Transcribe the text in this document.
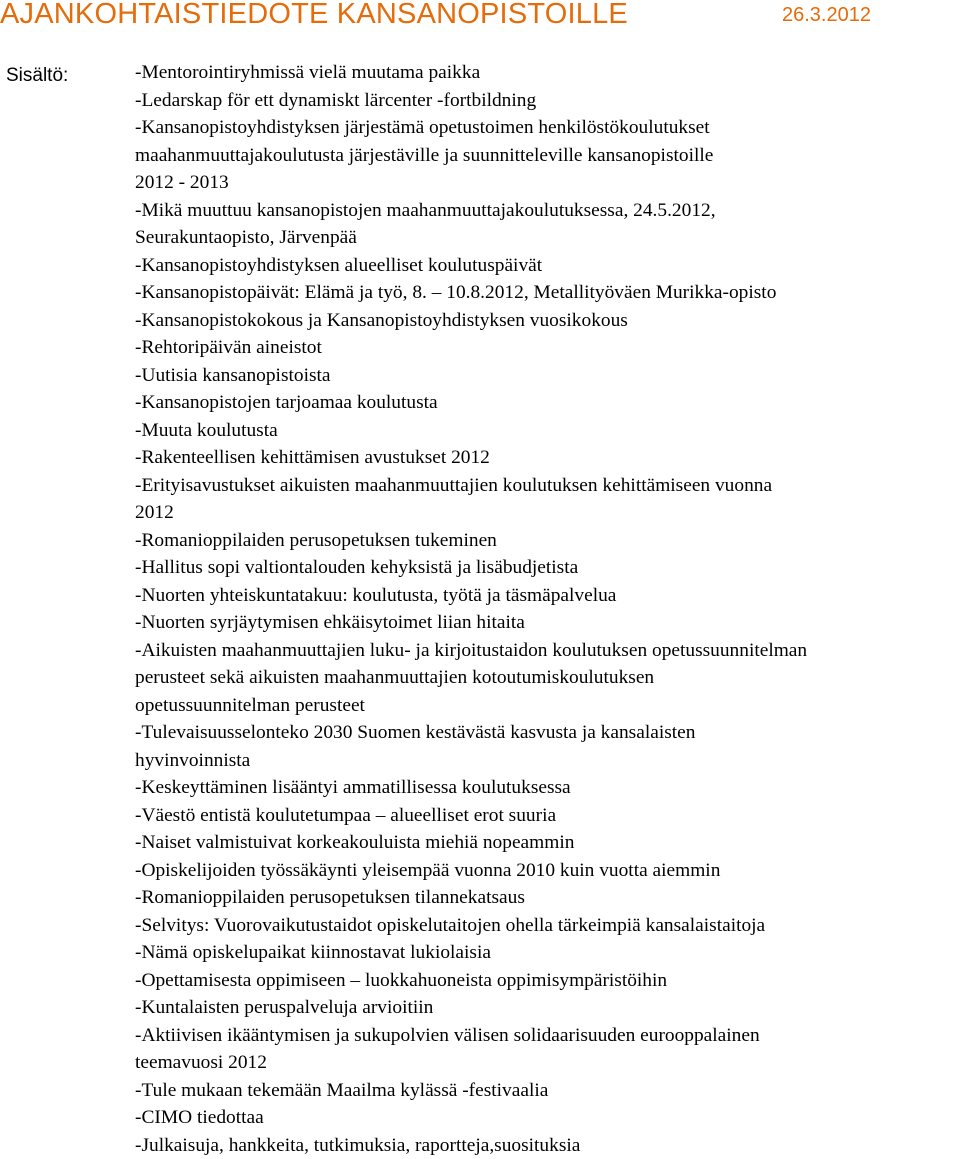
AJANKOHTAISTIEDOTE KANSANOPISTOILLE	26.3.2012
Sisältö:	-Mentorointiryhmissä vielä muutama paikka
-Ledarskap för ett dynamiskt lärcenter -fortbildning
-Kansanopistoyhdistyksen järjestämä opetustoimen henkilöstökoulutukset
maahanmuuttajakoulutusta järjestäville ja suunnitteleville kansanopistoille
2012 - 2013
-Mikä muuttuu kansanopistojen maahanmuuttajakoulutuksessa, 24.5.2012,
Seurakuntaopisto, Järvenpää
-Kansanopistoyhdistyksen alueelliset koulutuspäivät
-Kansanopistopäivät: Elämä ja työ, 8. – 10.8.2012, Metallityöväen Murikka-opisto
-Kansanopistokokous ja Kansanopistoyhdistyksen vuosikokous
-Rehtoripäivän aineistot
-Uutisia kansanopistoista
-Kansanopistojen tarjoamaa koulutusta
-Muuta koulutusta
-Rakenteellisen kehittämisen avustukset 2012
-Erityisavustukset aikuisten maahanmuuttajien koulutuksen kehittämiseen vuonna
2012
-Romanioppilaiden perusopetuksen tukeminen
-Hallitus sopi valtiontalouden kehyksistä ja lisäbudjetista
-Nuorten yhteiskuntatakuu: koulutusta, työtä ja täsmäpalvelua
-Nuorten syrjäytymisen ehkäisytoimet liian hitaita
-Aikuisten maahanmuuttajien luku- ja kirjoitustaidon koulutuksen opetussuunnitelman
perusteet sekä aikuisten maahanmuuttajien kotoutumiskoulutuksen
opetussuunnitelman perusteet
-Tulevaisuusselonteko 2030 Suomen kestävästä kasvusta ja kansalaisten
hyvinvoinnista
-Keskeyttäminen lisääntyi ammatillisessa koulutuksessa
-Väestö entistä koulutetumpaa – alueelliset erot suuria
-Naiset valmistuivat korkeakouluista miehiä nopeammin
-Opiskelijoiden työssäkäynti yleisempää vuonna 2010 kuin vuotta aiemmin
-Romanioppilaiden perusopetuksen tilannekatsaus
-Selvitys: Vuorovaikutustaidot opiskelutaitojen ohella tärkeimpiä kansalaistaitoja
-Nämä opiskelupaikat kiinnostavat lukiolaisia
-Opettamisesta oppimiseen – luokkahuoneista oppimisympäristöihin
-Kuntalaisten peruspalveluja arvioitiin
-Aktiivisen ikääntymisen ja sukupolvien välisen solidaarisuuden eurooppalainen
teemavuosi 2012
-Tule mukaan tekemään Maailma kylässä -festivaalia
-CIMO tiedottaa
-Julkaisuja, hankkeita, tutkimuksia, raportteja,suosituksia
